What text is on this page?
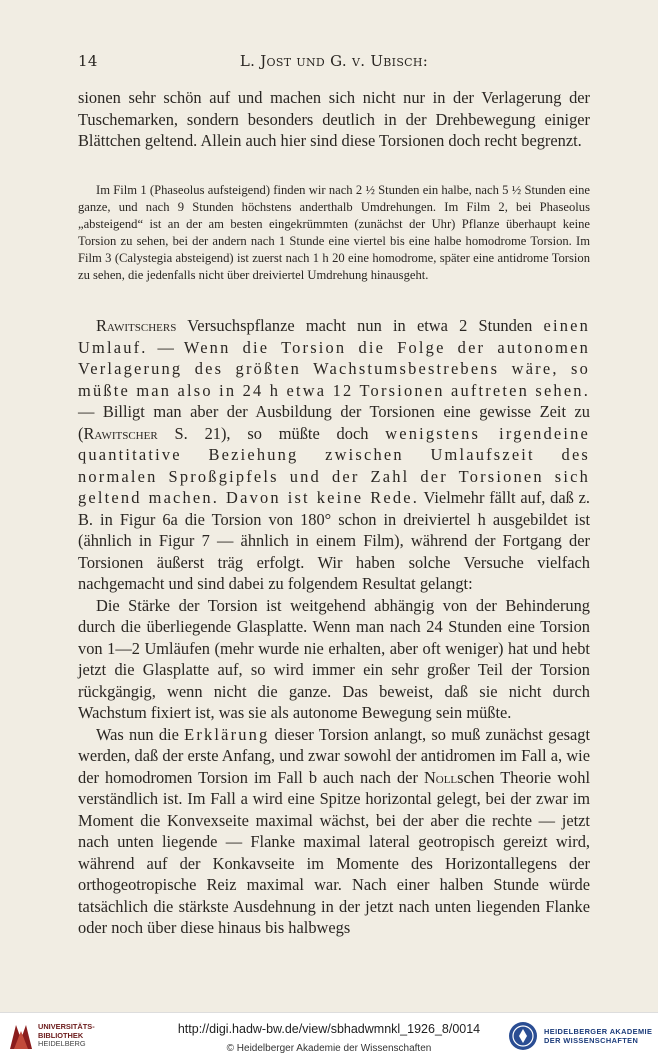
14	L. Jost und G. v. Ubisch:

sionen sehr schön auf und machen sich nicht nur in der Verlagerung der Tuschemarken, sondern besonders deutlich in der Drehbewegung einiger Blättchen geltend. Allein auch hier sind diese Torsionen doch recht begrenzt.

Im Film 1 (Phaseolus aufsteigend) finden wir nach 2 ½ Stunden ein halbe, nach 5 ½ Stunden eine ganze, und nach 9 Stunden höchstens anderthalb Umdrehungen. Im Film 2, bei Phaseolus „absteigend“ ist an der am besten eingekrümmten (zunächst der Uhr) Pflanze überhaupt keine Torsion zu sehen, bei der andern nach 1 Stunde eine viertel bis eine halbe homodrome Torsion. Im Film 3 (Calystegia absteigend) ist zuerst nach 1 h 20 eine homodrome, später eine antidrome Torsion zu sehen, die jedenfalls nicht über dreiviertel Umdrehung hinausgeht.

Rawitschers Versuchspflanze macht nun in etwa 2 Stunden einen Umlauf. — Wenn die Torsion die Folge der autonomen Verlagerung des größten Wachstumsbestrebens wäre, so müßte man also in 24 h etwa 12 Torsionen auftreten sehen. — Billigt man aber der Ausbildung der Torsionen eine gewisse Zeit zu (Rawitscher S. 21), so müßte doch wenigstens irgendeine quantitative Beziehung zwischen Umlaufszeit des normalen Sproßgipfels und der Zahl der Torsionen sich geltend machen. Davon ist keine Rede. Vielmehr fällt auf, daß z. B. in Figur 6a die Torsion von 180° schon in dreiviertel h ausgebildet ist (ähnlich in Figur 7 — ähnlich in einem Film), während der Fortgang der Torsionen äußerst träg erfolgt. Wir haben solche Versuche vielfach nachgemacht und sind dabei zu folgendem Resultat gelangt:

Die Stärke der Torsion ist weitgehend abhängig von der Behinderung durch die überliegende Glasplatte. Wenn man nach 24 Stunden eine Torsion von 1—2 Umläufen (mehr wurde nie erhalten, aber oft weniger) hat und hebt jetzt die Glasplatte auf, so wird immer ein sehr großer Teil der Torsion rückgängig, wenn nicht die ganze. Das beweist, daß sie nicht durch Wachstum fixiert ist, was sie als autonome Bewegung sein müßte.

Was nun die Erklärung dieser Torsion anlangt, so muß zunächst gesagt werden, daß der erste Anfang, und zwar sowohl der antidromen im Fall a, wie der homodromen Torsion im Fall b auch nach der Nollschen Theorie wohl verständlich ist. Im Fall a wird eine Spitze horizontal gelegt, bei der zwar im Moment die Konvexseite maximal wächst, bei der aber die rechte — jetzt nach unten liegende — Flanke maximal lateral geotropisch gereizt wird, während auf der Konkavseite im Momente des Horizontallegens der orthogeotropische Reiz maximal war. Nach einer halben Stunde würde tatsächlich die stärkste Ausdehnung in der jetzt nach unten liegenden Flanke oder noch über diese hinaus bis halbwegs

UNIVERSITÄTS-
BIBLIOTHEK
HEIDELBERG
http://digi.hadw-bw.de/view/sbhadwmnkl_1926_8/0014
© Heidelberger Akademie der Wissenschaften
HEIDELBERGER AKADEMIE
DER WISSENSCHAFTEN
